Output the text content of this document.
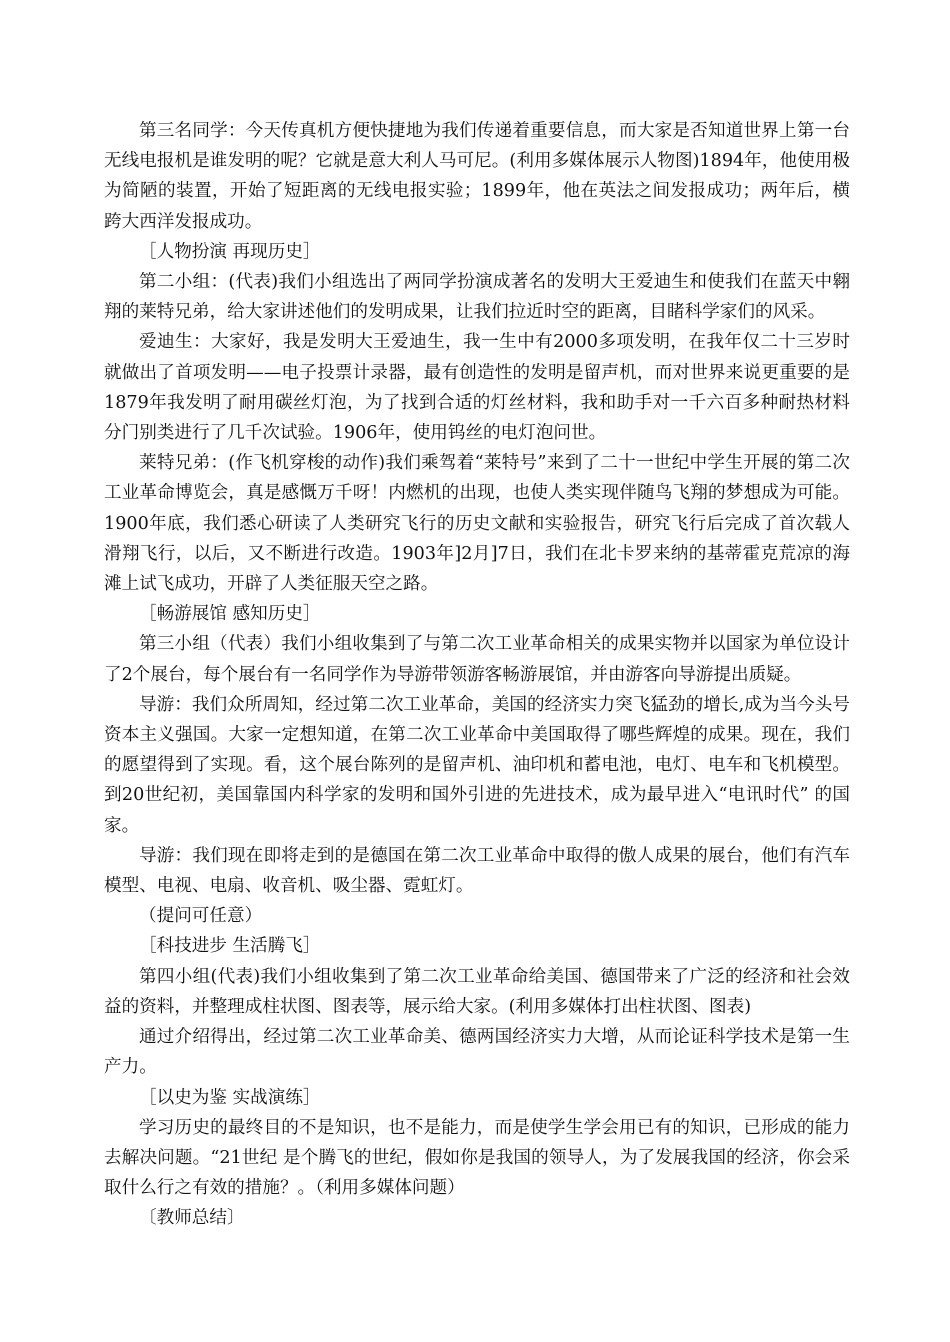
第三名同学：今天传真机方便快捷地为我们传递着重要信息，而大家是否知道世界上第一台无线电报机是谁发明的呢？它就是意大利人马可尼。(利用多媒体展示人物图)1894年，他使用极为简陋的装置，开始了短距离的无线电报实验；1899年，他在英法之间发报成功；两年后，横跨大西洋发报成功。

［人物扮演 再现历史］

第二小组：(代表)我们小组选出了两同学扮演成著名的发明大王爱迪生和使我们在蓝天中翱翔的莱特兄弟，给大家讲述他们的发明成果，让我们拉近时空的距离，目睹科学家们的风采。

爱迪生：大家好，我是发明大王爱迪生，我一生中有2000多项发明，在我年仅二十三岁时就做出了首项发明——电子投票计录器，最有创造性的发明是留声机，而对世界来说更重要的是1879年我发明了耐用碳丝灯泡，为了找到合适的灯丝材料，我和助手对一千六百多种耐热材料分门别类进行了几千次试验。1906年，使用钨丝的电灯泡问世。

莱特兄弟：(作飞机穿梭的动作)我们乘驾着“莱特号”来到了二十一世纪中学生开展的第二次工业革命博览会，真是感慨万千呀！内燃机的出现，也使人类实现伴随鸟飞翔的梦想成为可能。1900年底，我们悉心研读了人类研究飞行的历史文献和实验报告，研究飞行后完成了首次载人滑翔飞行，以后，又不断进行改造。1903年]2月]7日，我们在北卡罗来纳的基蒂霍克荒凉的海滩上试飞成功，开辟了人类征服天空之路。

［畅游展馆 感知历史］

第三小组（代表）我们小组收集到了与第二次工业革命相关的成果实物并以国家为单位设计了2个展台，每个展台有一名同学作为导游带领游客畅游展馆，并由游客向导游提出质疑。

导游：我们众所周知，经过第二次工业革命，美国的经济实力突飞猛劲的增长,成为当今头号资本主义强国。大家一定想知道，在第二次工业革命中美国取得了哪些辉煌的成果。现在，我们的愿望得到了实现。看，这个展台陈列的是留声机、油印机和蓄电池，电灯、电车和飞机模型。到20世纪初，美国靠国内科学家的发明和国外引进的先进技术，成为最早进入“电讯时代” 的国家。

导游：我们现在即将走到的是德国在第二次工业革命中取得的傲人成果的展台，他们有汽车模型、电视、电扇、收音机、吸尘器、霓虹灯。

（提问可任意）

［科技进步 生活腾飞］

第四小组(代表)我们小组收集到了第二次工业革命给美国、德国带来了广泛的经济和社会效益的资料，并整理成柱状图、图表等，展示给大家。(利用多媒体打出柱状图、图表)

通过介绍得出，经过第二次工业革命美、德两国经济实力大增，从而论证科学技术是第一生产力。

［以史为鉴 实战演练］

学习历史的最终目的不是知识，也不是能力，而是使学生学会用已有的知识，已形成的能力去解决问题。“21世纪 是个腾飞的世纪，假如你是我国的领导人，为了发展我国的经济，你会采取什么行之有效的措施？。（利用多媒体问题）

〔教师总结〕
